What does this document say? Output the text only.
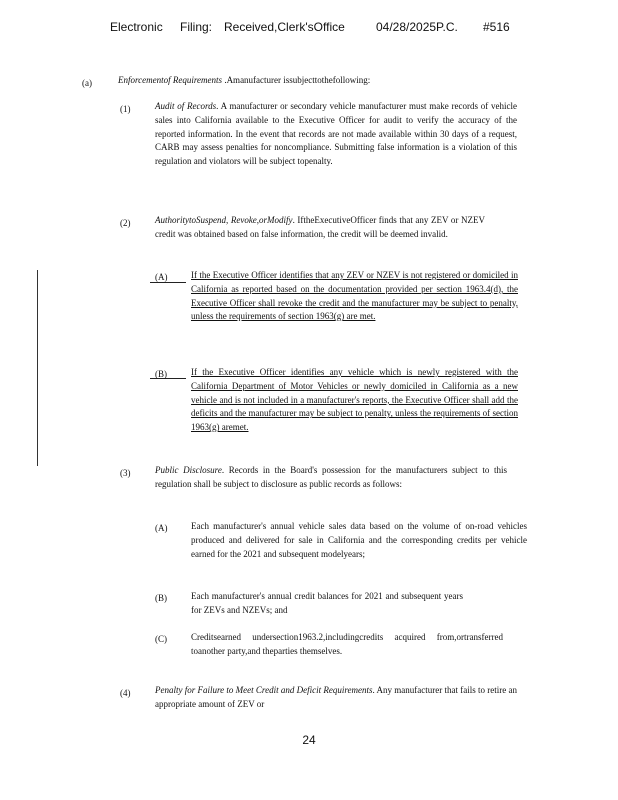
Electronic Filing: Received,Clerk'sOffice	04/28/2025P.C. #516
(a)	Enforcementof Requirements .Amanufacturer issubjecttothefollowing:
(1)	Audit of Records. A manufacturer or secondary vehicle manufacturer must make records of vehicle sales into California available to the Executive Officer for audit to verify the accuracy of the reported information. In the event that records are not made available within 30 days of a request, CARB may assess penalties for noncompliance. Submitting false information is a violation of this regulation and violators will be subject topenalty.
(2)	AuthoritytoSuspend, Revoke,orModify. IftheExecutiveOfficer finds that any ZEV or NZEV credit was obtained based on false information, the credit will be deemed invalid.
(A)	If the Executive Officer identifies that any ZEV or NZEV is not registered or domiciled in California as reported based on the documentation provided per section 1963.4(d), the Executive Officer shall revoke the credit and the manufacturer may be subject to penalty, unless the requirements of section 1963(g) are met.
(B)	If the Executive Officer identifies any vehicle which is newly registered with the California Department of Motor Vehicles or newly domiciled in California as a new vehicle and is not included in a manufacturer's reports, the Executive Officer shall add the deficits and the manufacturer may be subject to penalty, unless the requirements of section 1963(g) aremet.
(3)	Public Disclosure. Records in the Board's possession for the manufacturers subject to this regulation shall be subject to disclosure as public records as follows:
(A)	Each manufacturer's annual vehicle sales data based on the volume of on-road vehicles produced and delivered for sale in California and the corresponding credits per vehicle earned for the 2021 and subsequent modelyears;
(B)	Each manufacturer's annual credit balances for 2021 and subsequent years for ZEVs and NZEVs; and
(C)	Creditsearned undersection1963.2,includingcredits acquired from,ortransferred toanother party,and theparties themselves.
(4)	Penalty for Failure to Meet Credit and Deficit Requirements. Any manufacturer that fails to retire an appropriate amount of ZEV or
24
